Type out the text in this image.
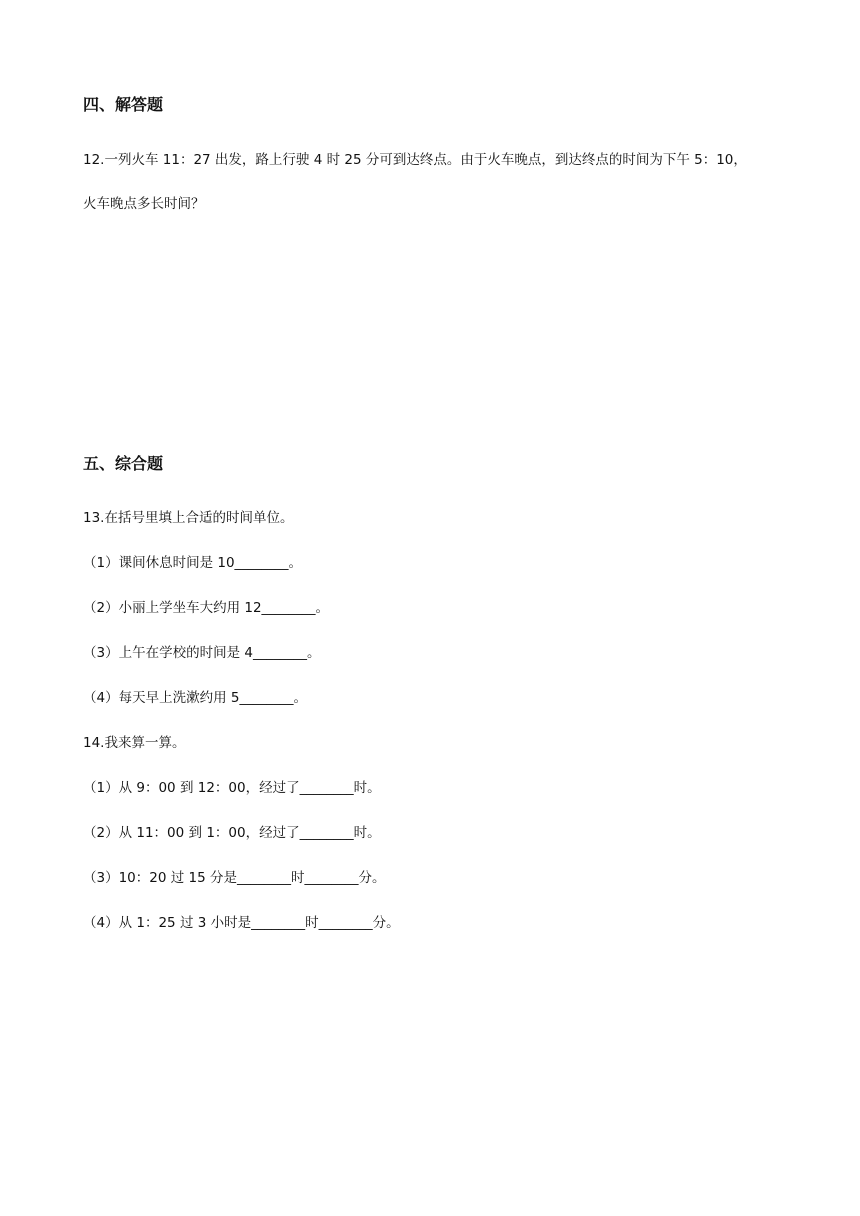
四、解答题
12.一列火车 11：27 出发，路上行驶 4 时 25 分可到达终点。由于火车晚点，到达终点的时间为下午 5：10，
火车晚点多长时间？
五、综合题
13.在括号里填上合适的时间单位。
（1）课间休息时间是 10________。
（2）小丽上学坐车大约用 12________。
（3）上午在学校的时间是 4________。
（4）每天早上洗漱约用 5________。
14.我来算一算。
（1）从 9：00 到 12：00，经过了________时。
（2）从 11：00 到 1：00，经过了________时。
（3）10：20 过 15 分是________时________分。
（4）从 1：25 过 3 小时是________时________分。
